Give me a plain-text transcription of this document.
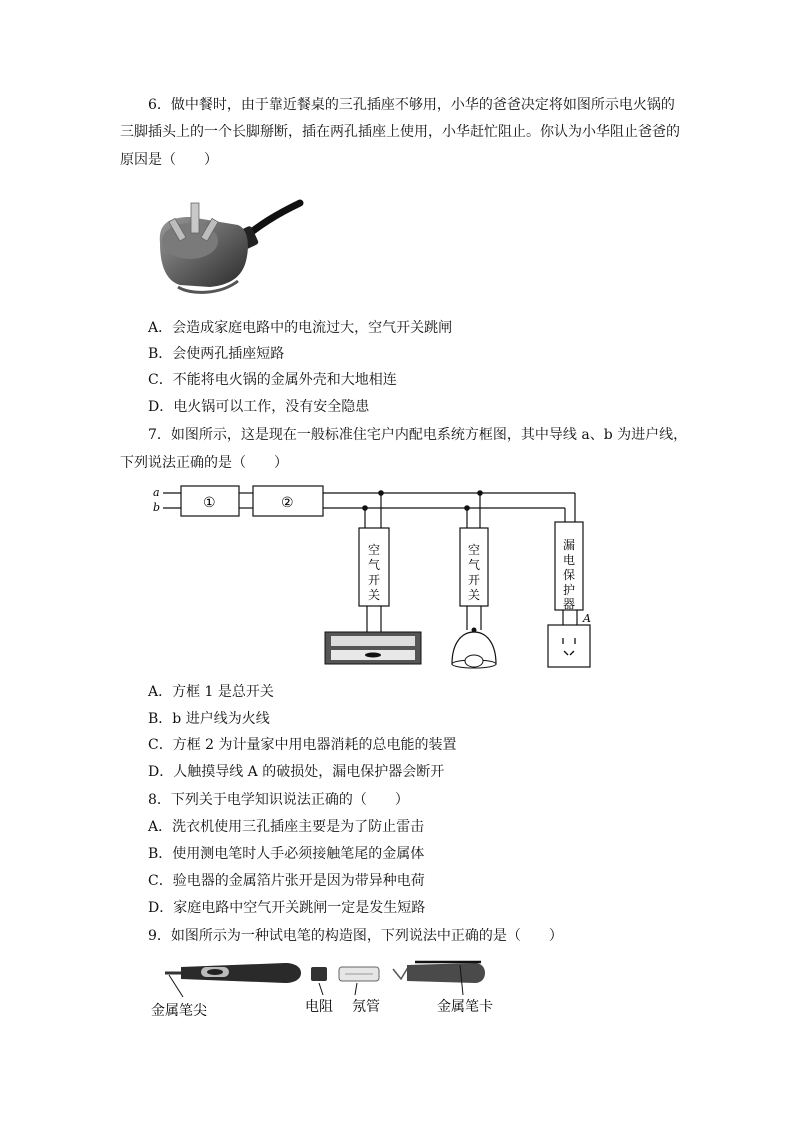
6．做中餐时，由于靠近餐桌的三孔插座不够用，小华的爸爸决定将如图所示电火锅的
三脚插头上的一个长脚掰断，插在两孔插座上使用，小华赶忙阻止。你认为小华阻止爸爸的
原因是（　　）
A．会造成家庭电路中的电流过大，空气开关跳闸
B．会使两孔插座短路
C．不能将电火锅的金属外壳和大地相连
D．电火锅可以工作，没有安全隐患
7．如图所示，这是现在一般标准住宅户内配电系统方框图，其中导线 a、b 为进户线，
下列说法正确的是（　　）
a
b	①	②
空
气
开
关
空
气
开
关
漏
电
保
护
器
A
A．方框 1 是总开关
B．b 进户线为火线
C．方框 2 为计量家中用电器消耗的总电能的装置
D．人触摸导线 A 的破损处，漏电保护器会断开
8．下列关于电学知识说法正确的（　　）
A．洗衣机使用三孔插座主要是为了防止雷击
B．使用测电笔时人手必须接触笔尾的金属体
C．验电器的金属箔片张开是因为带异种电荷
D．家庭电路中空气开关跳闸一定是发生短路
9．如图所示为一种试电笔的构造图，下列说法中正确的是（　　）
金属笔尖	电阻 氖管	金属笔卡
